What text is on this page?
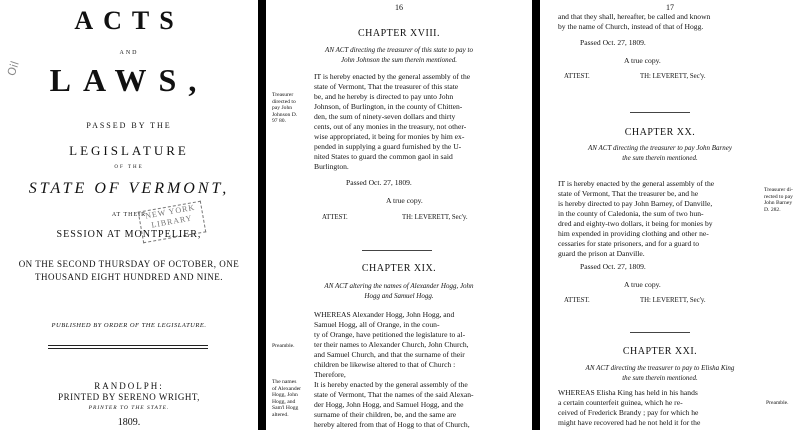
Oil
ACTS
AND
LAWS,
PASSED BY THE
LEGISLATURE
OF THE
STATE OF VERMONT,
AT THEIR
NEW YORK LIBRARY
SESSION AT MONTPELIER,
ON THE SECOND THURSDAY OF OCTOBER, ONE
THOUSAND EIGHT HUNDRED AND NINE.
PUBLISHED BY ORDER OF THE LEGISLATURE.
RANDOLPH:
PRINTED BY SERENO WRIGHT,
PRINTER TO THE STATE.
1809.
16
CHAPTER XVIII.
AN ACT directing the treasurer of this state to pay to
John Johnson the sum therein mentioned.
Treasurer
directed to
pay John
Johnson D.
97 80.
IT is hereby enacted by the general assembly of the
state of Vermont, That the treasurer of this state
be, and he hereby is directed to pay unto John
Johnson, of Burlington, in the county of Chitten-
den, the sum of ninety-seven dollars and thirty
cents, out of any monies in the treasury, not other-
wise appropriated, it being for monies by him ex-
pended in supplying a guard furnished by the U-
nited States to guard the common gaol in said
Burlington.
Passed Oct. 27, 1809.
A true copy.
ATTEST.	TH: LEVERETT, Sec'y.
CHAPTER XIX.
AN ACT altering the names of Alexander Hogg, John
Hogg and Samuel Hogg.
Preamble.
The names
of Alexander
Hogg, John
Hogg, and
Sam'l Hogg
altered.
WHEREAS Alexander Hogg, John Hogg, and
Samuel Hogg, all of Orange, in the coun-
ty of Orange, have petitioned the legislature to al-
ter their names to Alexander Church, John Church,
and Samuel Church, and that the surname of their
children be likewise altered to that of Church :
Therefore,
It is hereby enacted by the general assembly of the
state of Vermont, That the names of the said Alexan-
der Hogg, John Hogg, and Samuel Hogg, and the
surname of their children, be, and the same are
hereby altered from that of Hogg to that of Church,
17
and that they shall, hereafter, be called and known
by the name of Church, instead of that of Hogg.
Passed Oct. 27, 1809.
A true copy.
ATTEST.	TH: LEVERETT, Sec'y.
CHAPTER XX.
AN ACT directing the treasurer to pay John Barney
the sum therein mentioned.
IT is hereby enacted by the general assembly of the
state of Vermont, That the treasurer be, and he
is hereby directed to pay John Barney, of Danville,
in the county of Caledonia, the sum of two hun-
dred and eighty-two dollars, it being for monies by
him expended in providing clothing and other ne-
cessaries for state prisoners, and for a guard to
guard the prison at Danville.
Treasurer di-
rected to pay
John Barney
D. 282.
Passed Oct. 27, 1809.
A true copy.
ATTEST.	TH: LEVERETT, Sec'y.
CHAPTER XXI.
AN ACT directing the treasurer to pay to Elisha King
the sum therein mentioned.
WHEREAS Elisha King has held in his hands
a certain counterfeit guinea, which he re-
ceived of Frederick Brandy ; pay for which he
might have recovered had he not held it for the
Preamble.
